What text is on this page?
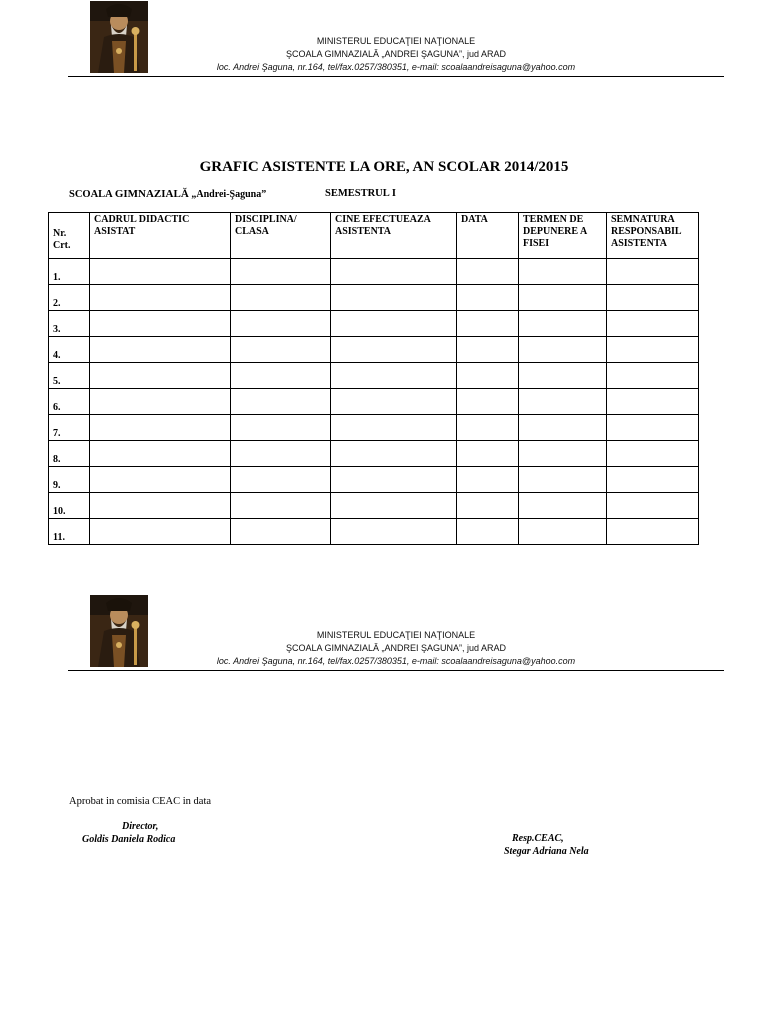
MINISTERUL EDUCAŢIEI NAŢIONALE
ŞCOALA GIMNAZIALĂ „ANDREI ŞAGUNA”, jud ARAD
loc. Andrei Şaguna, nr.164, tel/fax.0257/380351, e-mail: scoalaandreisaguna@yahoo.com
GRAFIC ASISTENTE LA ORE, AN SCOLAR 2014/2015
SCOALA GIMNAZIALĂ „Andrei-Şaguna”	SEMESTRUL I
Nr. Crt.	CADRUL DIDACTIC ASISTAT	DISCIPLINA/ CLASA	CINE EFECTUEAZA ASISTENTA	DATA	TERMEN DE DEPUNERE A FISEI	SEMNATURA RESPONSABIL ASISTENTA
1.						
2.						
3.						
4.						
5.						
6.						
7.						
8.						
9.						
10.						
11.						
MINISTERUL EDUCAŢIEI NAŢIONALE
ŞCOALA GIMNAZIALĂ „ANDREI ŞAGUNA”, jud ARAD
loc. Andrei Şaguna, nr.164, tel/fax.0257/380351, e-mail: scoalaandreisaguna@yahoo.com
Aprobat in comisia CEAC in data
Director,
Goldis Daniela Rodica	Resp.CEAC,
Stegar Adriana Nela
